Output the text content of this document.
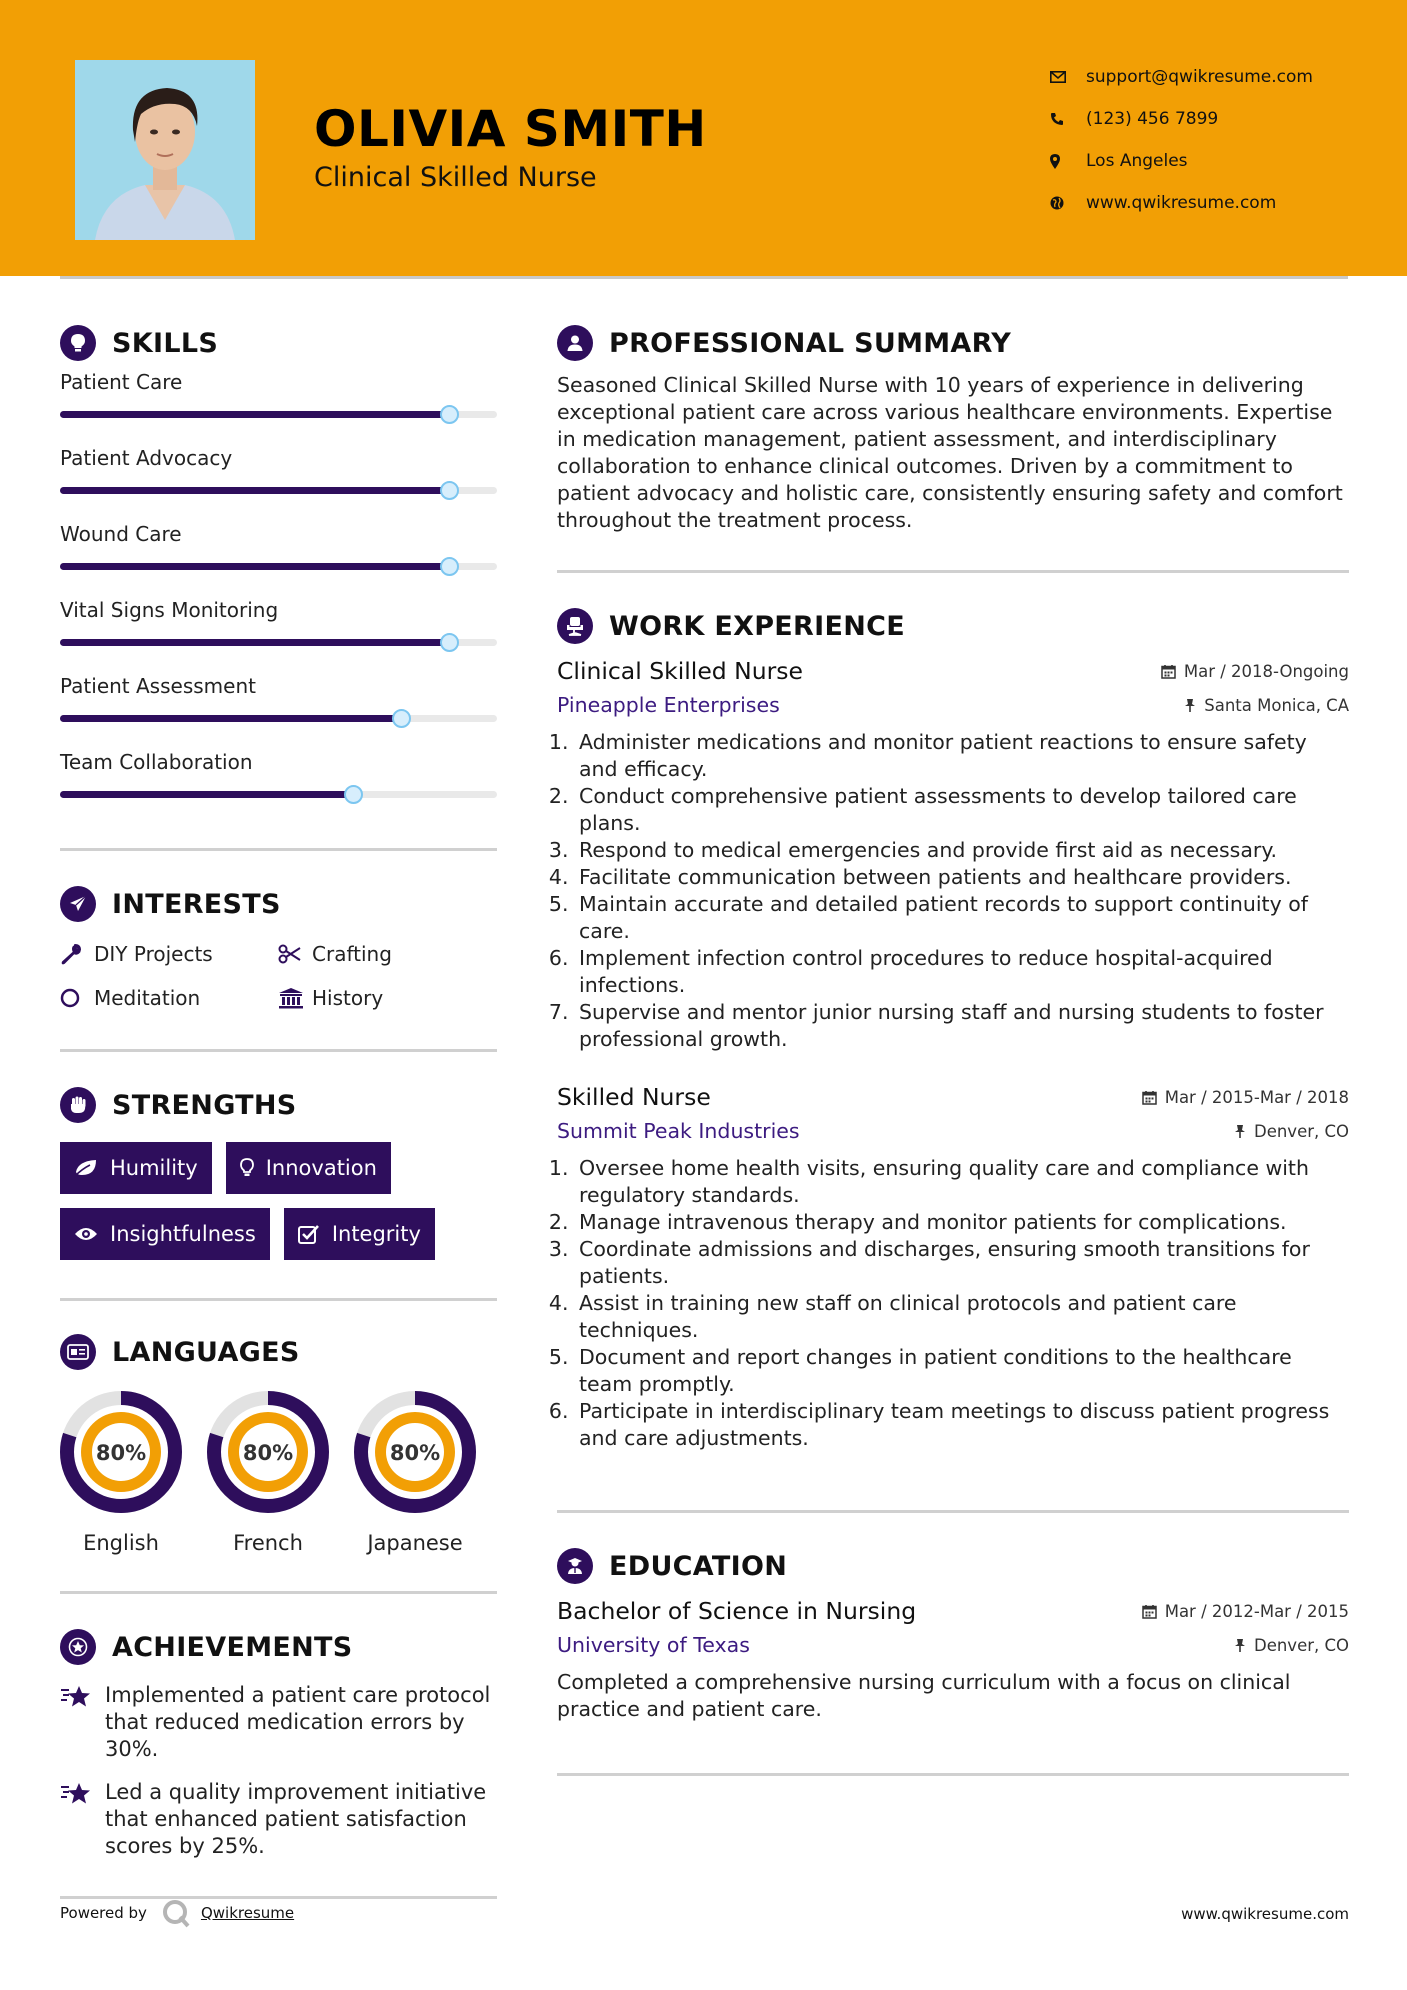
OLIVIA SMITH
Clinical Skilled Nurse
support@qwikresume.com
(123) 456 7899
Los Angeles
www.qwikresume.com
SKILLS
Patient Care
Patient Advocacy
Wound Care
Vital Signs Monitoring
Patient Assessment
Team Collaboration
INTERESTS
DIY Projects	Crafting
Meditation	History
STRENGTHS
Humility	Innovation
Insightfulness	Integrity
LANGUAGES
80%
English
80%
French
80%
Japanese
ACHIEVEMENTS
Implemented a patient care protocol that reduced medication errors by 30%.
Led a quality improvement initiative that enhanced patient satisfaction scores by 25%.
PROFESSIONAL SUMMARY

Seasoned Clinical Skilled Nurse with 10 years of experience in delivering exceptional patient care across various healthcare environments. Expertise in medication management, patient assessment, and interdisciplinary collaboration to enhance clinical outcomes. Driven by a commitment to patient advocacy and holistic care, consistently ensuring safety and comfort throughout the treatment process.

WORK EXPERIENCE
Clinical Skilled Nurse	Mar / 2018-Ongoing
Pineapple Enterprises	Santa Monica, CA
1. Administer medications and monitor patient reactions to ensure safety and efficacy.
2. Conduct comprehensive patient assessments to develop tailored care plans.
3. Respond to medical emergencies and provide first aid as necessary.
4. Facilitate communication between patients and healthcare providers.
5. Maintain accurate and detailed patient records to support continuity of care.
6. Implement infection control procedures to reduce hospital-acquired infections.
7. Supervise and mentor junior nursing staff and nursing students to foster professional growth.
Skilled Nurse	Mar / 2015-Mar / 2018
Summit Peak Industries	Denver, CO
1. Oversee home health visits, ensuring quality care and compliance with regulatory standards.
2. Manage intravenous therapy and monitor patients for complications.
3. Coordinate admissions and discharges, ensuring smooth transitions for patients.
4. Assist in training new staff on clinical protocols and patient care techniques.
5. Document and report changes in patient conditions to the healthcare team promptly.
6. Participate in interdisciplinary team meetings to discuss patient progress and care adjustments.
EDUCATION
Bachelor of Science in Nursing	Mar / 2012-Mar / 2015
University of Texas	Denver, CO

Completed a comprehensive nursing curriculum with a focus on clinical practice and patient care.

Powered by	Qwikresume	www.qwikresume.com
